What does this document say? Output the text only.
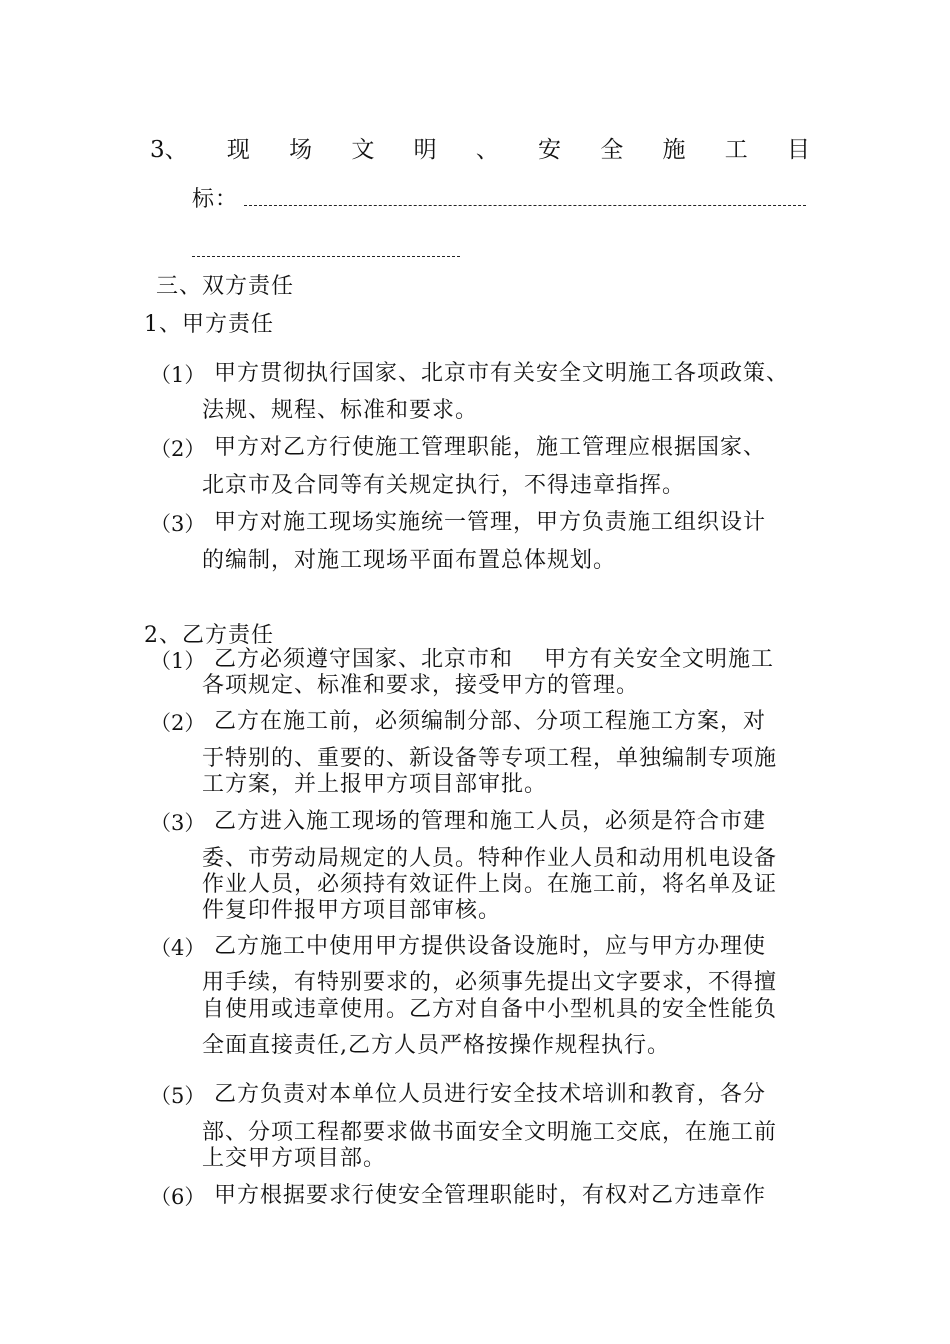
3、 现 场 文 明 、 安 全 施 工 目
标：
三、双方责任
1、甲方责任
（1） 甲方贯彻执行国家、北京市有关安全文明施工各项政策、
法规、规程、标准和要求。
（2） 甲方对乙方行使施工管理职能，施工管理应根据国家、
北京市及合同等有关规定执行，不得违章指挥。
（3） 甲方对施工现场实施统一管理，甲方负责施工组织设计
的编制，对施工现场平面布置总体规划。
2、乙方责任
（1） 乙方必须遵守国家、北京市和　 甲方有关安全文明施工
各项规定、标准和要求，接受甲方的管理。
（2） 乙方在施工前，必须编制分部、分项工程施工方案，对
于特别的、重要的、新设备等专项工程，单独编制专项施
工方案，并上报甲方项目部审批。
（3） 乙方进入施工现场的管理和施工人员，必须是符合市建
委、市劳动局规定的人员。特种作业人员和动用机电设备
作业人员，必须持有效证件上岗。在施工前，将名单及证
件复印件报甲方项目部审核。
（4） 乙方施工中使用甲方提供设备设施时，应与甲方办理使
用手续，有特别要求的，必须事先提出文字要求，不得擅
自使用或违章使用。乙方对自备中小型机具的安全性能负
全面直接责任,乙方人员严格按操作规程执行。
（5） 乙方负责对本单位人员进行安全技术培训和教育，各分
部、分项工程都要求做书面安全文明施工交底，在施工前
上交甲方项目部。
（6） 甲方根据要求行使安全管理职能时，有权对乙方违章作
